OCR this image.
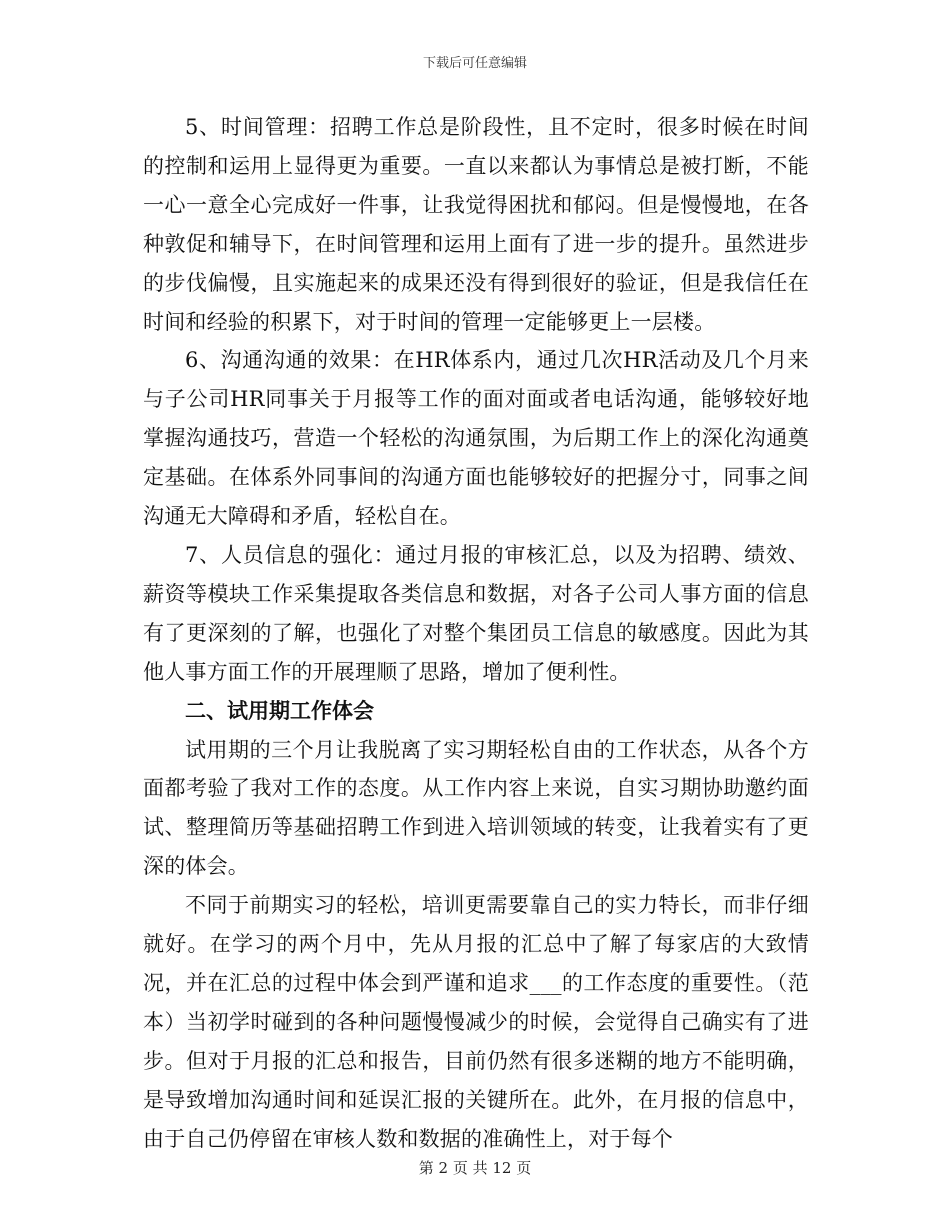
下载后可任意编辑

5、时间管理：招聘工作总是阶段性，且不定时，很多时候在时间的控制和运用上显得更为重要。一直以来都认为事情总是被打断，不能一心一意全心完成好一件事，让我觉得困扰和郁闷。但是慢慢地，在各种敦促和辅导下，在时间管理和运用上面有了进一步的提升。虽然进步的步伐偏慢，且实施起来的成果还没有得到很好的验证，但是我信任在时间和经验的积累下，对于时间的管理一定能够更上一层楼。

6、沟通沟通的效果：在HR体系内，通过几次HR活动及几个月来与子公司HR同事关于月报等工作的面对面或者电话沟通，能够较好地掌握沟通技巧，营造一个轻松的沟通氛围，为后期工作上的深化沟通奠定基础。在体系外同事间的沟通方面也能够较好的把握分寸，同事之间沟通无大障碍和矛盾，轻松自在。

7、人员信息的强化：通过月报的审核汇总，以及为招聘、绩效、薪资等模块工作采集提取各类信息和数据，对各子公司人事方面的信息有了更深刻的了解，也强化了对整个集团员工信息的敏感度。因此为其他人事方面工作的开展理顺了思路，增加了便利性。

二、试用期工作体会

试用期的三个月让我脱离了实习期轻松自由的工作状态，从各个方面都考验了我对工作的态度。从工作内容上来说，自实习期协助邀约面试、整理简历等基础招聘工作到进入培训领域的转变，让我着实有了更深的体会。

不同于前期实习的轻松，培训更需要靠自己的实力特长，而非仔细就好。在学习的两个月中，先从月报的汇总中了解了每家店的大致情况，并在汇总的过程中体会到严谨和追求___的工作态度的重要性。（范本）当初学时碰到的各种问题慢慢减少的时候，会觉得自己确实有了进步。但对于月报的汇总和报告，目前仍然有很多迷糊的地方不能明确，是导致增加沟通时间和延误汇报的关键所在。此外，在月报的信息中，由于自己仍停留在审核人数和数据的准确性上，对于每个

第 2 页 共 12 页
